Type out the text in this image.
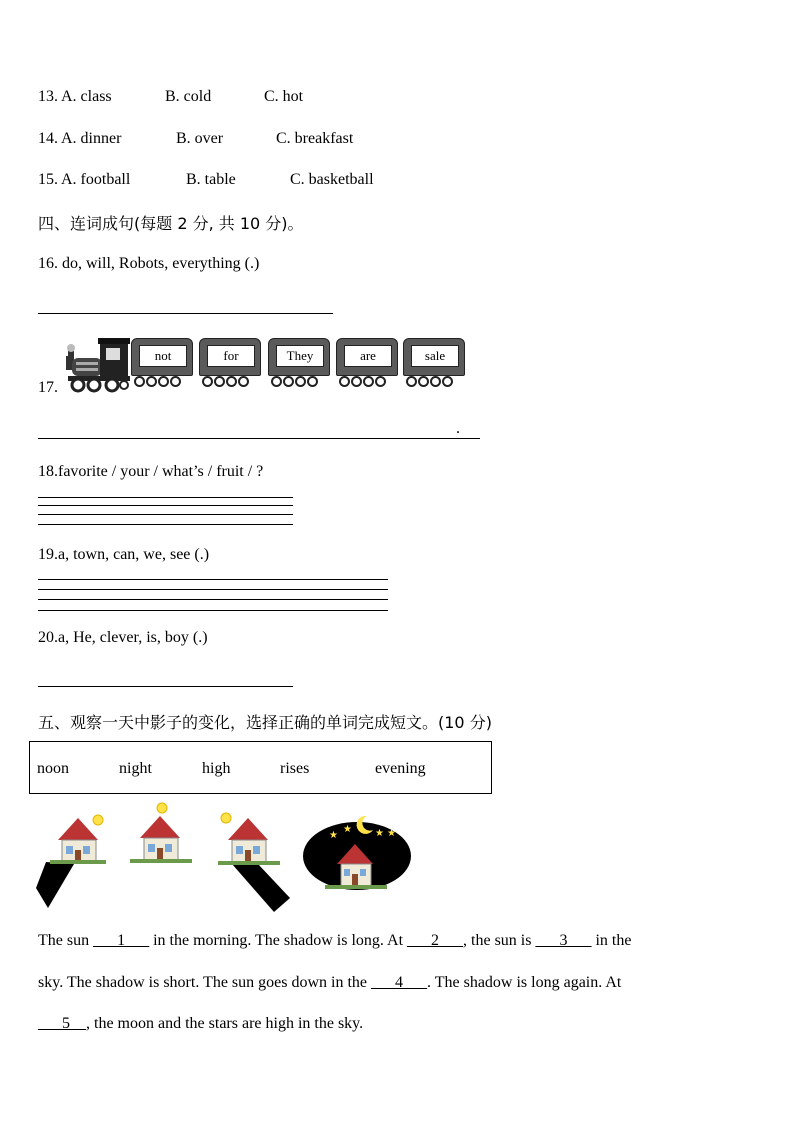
13. A. class	B. cold	C. hot
14. A. dinner	B. over	C. breakfast
15. A. football	B. table	C. basketball
四、连词成句(每题 2 分, 共 10 分)。
16. do, will, Robots, everything (.)
17.
not	for	They	are	sale
.
18.favorite / your / what’s / fruit / ?
19.a, town, can, we, see (.)
20.a, He, clever, is, boy (.)
五、观察一天中影子的变化，选择正确的单词完成短文。(10 分)
noon	night	high	rises	evening
★
★ ★ ★
The sun ___1___ in the morning. The shadow is long. At ___2___, the sun is ___3___ in the
sky. The shadow is short. The sun goes down in the ___4___. The shadow is long again. At
___5__, the moon and the stars are high in the sky.
